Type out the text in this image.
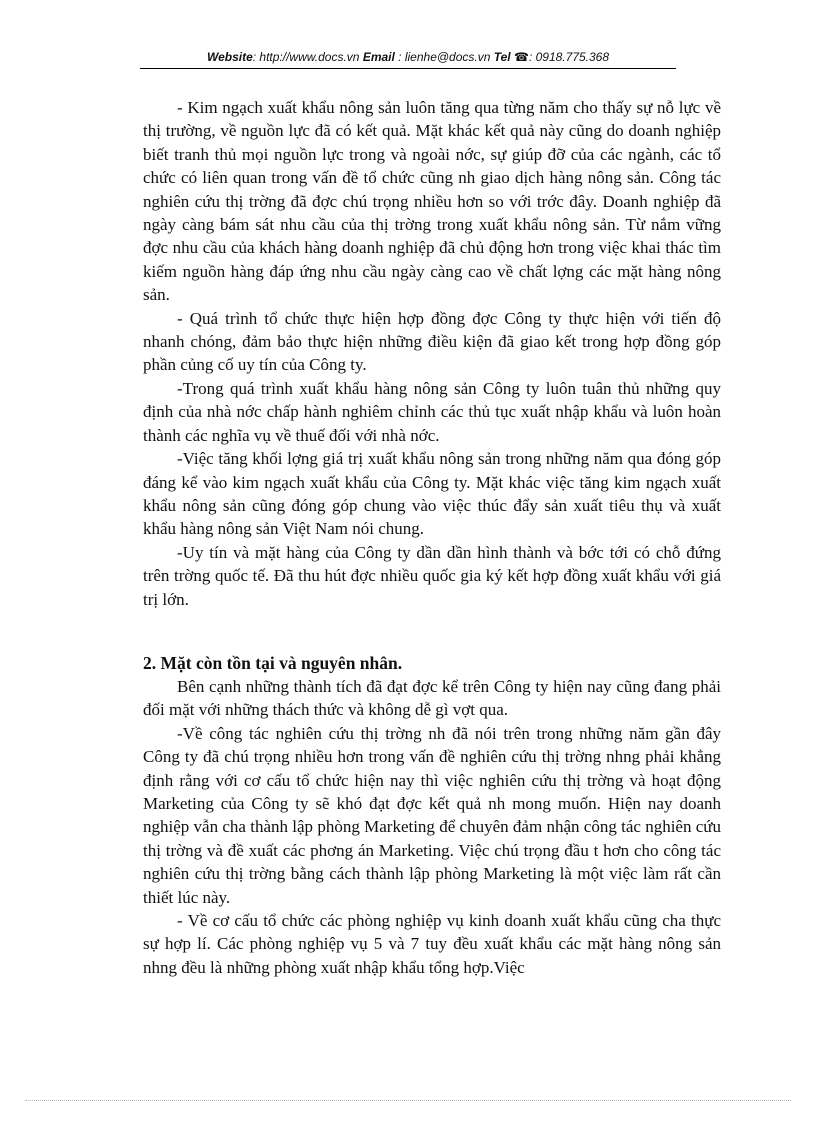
Website: http://www.docs.vn Email : lienhe@docs.vn Tel ☎: 0918.775.368

- Kim ngạch xuất khẩu nông sản luôn tăng qua từng năm cho thấy sự nỗ lực về thị trường, về nguồn lực đã có kết quả. Mặt khác kết quả này cũng do doanh nghiệp biết tranh thủ mọi nguồn lực trong và ngoài nớc, sự giúp đỡ của các ngành, các tổ chức có liên quan trong vấn đề tổ chức cũng nh giao dịch hàng nông sản. Công tác nghiên cứu thị trờng đã đợc chú trọng nhiều hơn so với trớc đây. Doanh nghiệp đã ngày càng bám sát nhu cầu của thị trờng trong xuất khẩu nông sản. Từ nắm vững đợc nhu cầu của khách hàng doanh nghiệp đã chủ động hơn trong việc khai thác tìm kiếm nguồn hàng đáp ứng nhu cầu ngày càng cao về chất lợng các mặt hàng nông sản.

- Quá trình tổ chức thực hiện hợp đồng đợc Công ty thực hiện với tiến độ nhanh chóng, đảm bảo thực hiện những điều kiện đã giao kết trong hợp đồng góp phần củng cố uy tín của Công ty.

-Trong quá trình xuất khẩu hàng nông sản Công ty luôn tuân thủ những quy định của nhà nớc chấp hành nghiêm chỉnh các thủ tục xuất nhập khẩu và luôn hoàn thành các nghĩa vụ về thuế đối với nhà nớc.

-Việc tăng khối lợng giá trị xuất khẩu nông sản trong những năm qua đóng góp đáng kể vào kim ngạch xuất khẩu của Công ty. Mặt khác việc tăng kim ngạch xuất khẩu nông sản cũng đóng góp chung vào việc thúc đẩy sản xuất tiêu thụ và xuất khẩu hàng nông sản Việt Nam nói chung.

-Uy tín và mặt hàng của Công ty dần dần hình thành và bớc tới có chỗ đứng trên trờng quốc tế. Đã thu hút đợc nhiều quốc gia ký kết hợp đồng xuất khẩu với giá trị lớn.

2. Mặt còn tồn tại và nguyên nhân.

Bên cạnh những thành tích đã đạt đợc kể trên Công ty hiện nay cũng đang phải đối mặt với những thách thức và không dễ gì vợt qua.

-Về công tác nghiên cứu thị trờng nh đã nói trên trong những năm gần đây Công ty đã chú trọng nhiều hơn trong vấn đề nghiên cứu thị trờng nhng phải khẳng định rằng với cơ cấu tổ chức hiện nay thì việc nghiên cứu thị trờng và hoạt động Marketing của Công ty sẽ khó đạt đợc kết quả nh mong muốn. Hiện nay doanh nghiệp vẫn cha thành lập phòng Marketing để chuyên đảm nhận công tác nghiên cứu thị trờng và đề xuất các phơng án Marketing. Việc chú trọng đầu t hơn cho công tác nghiên cứu thị trờng bằng cách thành lập phòng Marketing là một việc làm rất cần thiết lúc này.

- Về cơ cấu tổ chức các phòng nghiệp vụ kinh doanh xuất khẩu cũng cha thực sự hợp lí. Các phòng nghiệp vụ 5 và 7 tuy đều xuất khẩu các mặt hàng nông sản nhng đều là những phòng xuất nhập khẩu tổng hợp.Việc
